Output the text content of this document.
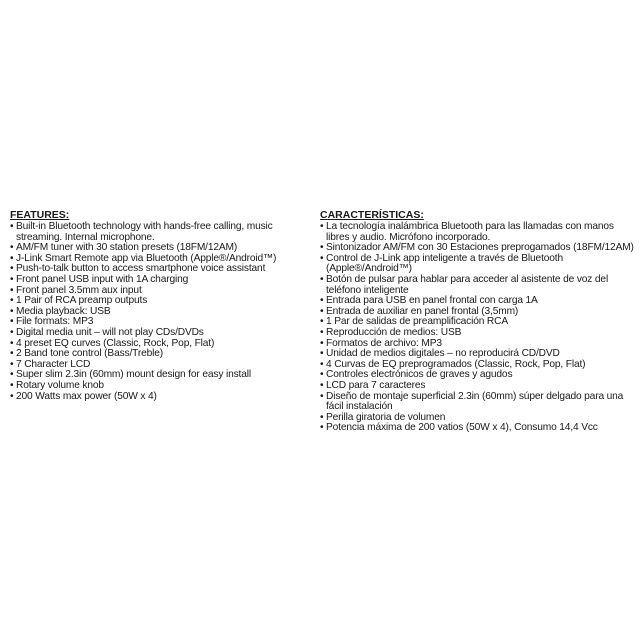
FEATURES:
• Built-in Bluetooth technology with hands-free calling, music streaming. Internal microphone.
• AM/FM tuner with 30 station presets (18FM/12AM)
• J-Link Smart Remote app via Bluetooth (Apple®/Android™)
• Push-to-talk button to access smartphone voice assistant
• Front panel USB input with 1A charging
• Front panel 3.5mm aux input
• 1 Pair of RCA preamp outputs
• Media playback: USB
• File formats: MP3
• Digital media unit – will not play CDs/DVDs
• 4 preset EQ curves (Classic, Rock, Pop, Flat)
• 2 Band tone control (Bass/Treble)
• 7 Character LCD
• Super slim 2.3in (60mm) mount design for easy install
• Rotary volume knob
• 200 Watts max power (50W x 4)
CARACTERÍSTICAS:
• La tecnología inalámbrica Bluetooth para las llamadas con manos libres y audio. Micrófono incorporado.
• Sintonizador AM/FM con 30 Estaciones preprogamados (18FM/12AM)
• Control de J-Link app inteligente a través de Bluetooth (Apple®/Android™)
• Botón de pulsar para hablar para acceder al asistente de voz del teléfono inteligente
• Entrada para USB en panel frontal con carga 1A
• Entrada de auxiliar en panel frontal (3,5mm)
• 1 Par de salidas de preamplificación RCA
• Reproducción de medios: USB
• Formatos de archivo: MP3
• Unidad de medios digitales – no reproducirá CD/DVD
• 4 Curvas de EQ preprogramados (Classic, Rock, Pop, Flat)
• Controles electrónicos de graves y agudos
• LCD para 7 caracteres
• Diseño de montaje superficial 2.3in (60mm) súper delgado para una fácil instalación
• Perilla giratoria de volumen
• Potencia máxima de 200 vatios (50W x 4), Consumo 14,4 Vcc
